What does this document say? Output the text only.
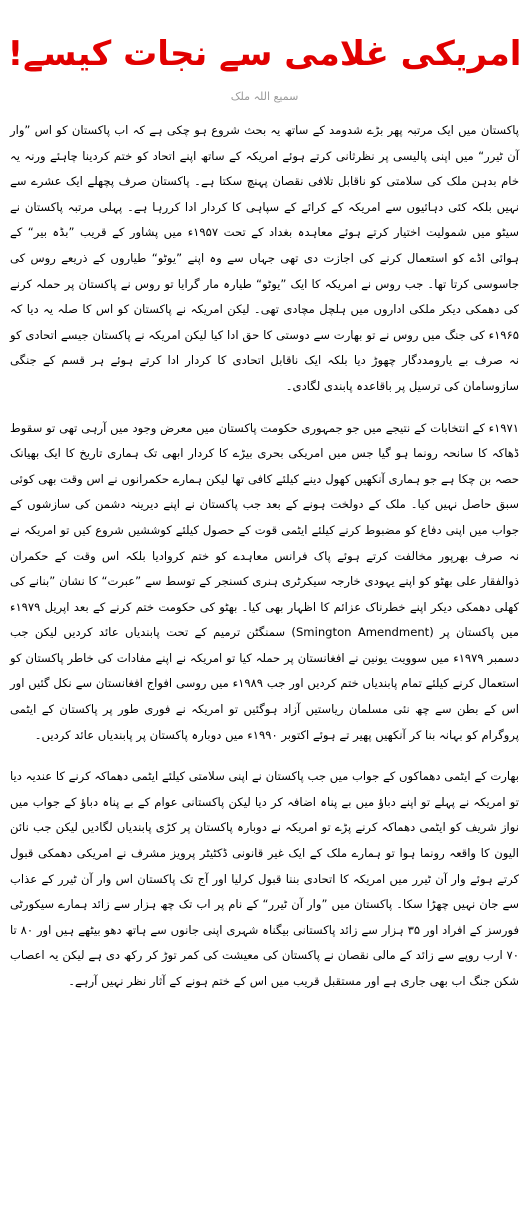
امریکی غلامی سے نجات کیسے!
سمیع اللہ ملک

پاکستان میں ایک مرتبہ پھر بڑے شدومد کے ساتھ یہ بحث شروع ہو چکی ہے کہ اب پاکستان کو اس ”وار آن ٹیرر“ میں اپنی پالیسی پر نظرثانی کرتے ہوئے امریکہ کے ساتھ اپنے اتحاد کو ختم کردینا چاہئے ورنہ یہ خام بدہن ملک کی سلامتی کو ناقابل تلافی نقصان پہنچ سکتا ہے۔ پاکستان صرف پچھلے ایک عشرے سے نہیں بلکہ کئی دہائیوں سے امریکہ کے کرائے کے سپاہی کا کردار ادا کررہا ہے۔ پہلی مرتبہ پاکستان نے سیٹو میں شمولیت اختیار کرتے ہوئے معاہدہ بغداد کے تحت ۱۹۵۷ء میں پشاور کے قریب ”بڈہ بیر“ کے ہوائی اڈے کو استعمال کرنے کی اجازت دی تھی جہاں سے وہ اپنے ”یوٹو“ طیاروں کے ذریعے روس کی جاسوسی کرتا تھا۔ جب روس نے امریکہ کا ایک ”یوٹو“ طیارہ مار گرایا تو روس نے پاکستان پر حملہ کرنے کی دھمکی دیکر ملکی اداروں میں ہلچل مچادی تھی۔ لیکن امریکہ نے پاکستان کو اس کا صلہ یہ دیا کہ ۱۹۶۵ء کی جنگ میں روس نے تو بھارت سے دوستی کا حق ادا کیا لیکن امریکہ نے پاکستان جیسے اتحادی کو نہ صرف بے یارومددگار چھوڑ دیا بلکہ ایک ناقابل اتحادی کا کردار ادا کرتے ہوئے ہر قسم کے جنگی سازوسامان کی ترسیل پر باقاعدہ پابندی لگادی۔

۱۹۷۱ء کے انتخابات کے نتیجے میں جو جمہوری حکومت پاکستان میں معرض وجود میں آرہی تھی تو سقوط ڈھاکہ کا سانحہ رونما ہو گیا جس میں امریکی بحری بیڑے کا کردار ابھی تک ہماری تاریخ کا ایک بھیانک حصہ بن چکا ہے جو ہماری آنکھیں کھول دینے کیلئے کافی تھا لیکن ہمارے حکمرانوں نے اس وقت بھی کوئی سبق حاصل نہیں کیا۔ ملک کے دولخت ہونے کے بعد جب پاکستان نے اپنے دیرینہ دشمن کی سازشوں کے جواب میں اپنی دفاع کو مضبوط کرنے کیلئے ایٹمی قوت کے حصول کیلئے کوششیں شروع کیں تو امریکہ نے نہ صرف بھرپور مخالفت کرتے ہوئے پاک فرانس معاہدے کو ختم کروادیا بلکہ اس وقت کے حکمران ذوالفقار علی بھٹو کو اپنے یہودی خارجہ سیکرٹری ہنری کسنجر کے توسط سے ”عبرت“ کا نشان ”بنانے کی کھلی دھمکی دیکر اپنے خطرناک عزائم کا اظہار بھی کیا۔ بھٹو کی حکومت ختم کرنے کے بعد اپریل ۱۹۷۹ء میں پاکستان پر (Smington Amendment) سمنگٹن ترمیم کے تحت پابندیاں عائد کردیں لیکن جب دسمبر ۱۹۷۹ء میں سوویت یونین نے افغانستان پر حملہ کیا تو امریکہ نے اپنے مفادات کی خاطر پاکستان کو استعمال کرنے کیلئے تمام پابندیاں ختم کردیں اور جب ۱۹۸۹ء میں روسی افواج افغانستان سے نکل گئیں اور اس کے بطن سے چھ نئی مسلمان ریاستیں آزاد ہوگئیں تو امریکہ نے فوری طور پر پاکستان کے ایٹمی پروگرام کو بہانہ بنا کر آنکھیں پھیر تے ہوئے اکتوبر ۱۹۹۰ء میں دوبارہ پاکستان پر پابندیاں عائد کردیں۔

بھارت کے ایٹمی دھماکوں کے جواب میں جب پاکستان نے اپنی سلامتی کیلئے ایٹمی دھماکہ کرنے کا عندیہ دیا تو امریکہ نے پہلے تو اپنے دباؤ میں بے پناہ اضافہ کر دیا لیکن پاکستانی عوام کے بے پناہ دباؤ کے جواب میں نواز شریف کو ایٹمی دھماکہ کرنے پڑے تو امریکہ نے دوبارہ پاکستان پر کڑی پابندیاں لگادیں لیکن جب نائن الیون کا واقعہ رونما ہوا تو ہمارے ملک کے ایک غیر قانونی ڈکٹیٹر پرویز مشرف نے امریکی دھمکی قبول کرتے ہوئے وار آن ٹیرر میں امریکہ کا اتحادی بننا قبول کرلیا اور آج تک پاکستان اس وار آن ٹیرر کے عذاب سے جان نہیں چھڑا سکا۔ پاکستان میں ”وار آن ٹیرر“ کے نام پر اب تک چھ ہزار سے زائد ہمارے سیکورٹی فورسز کے افراد اور ۳۵ ہزار سے زائد پاکستانی بیگناہ شہری اپنی جانوں سے ہاتھ دھو بیٹھے ہیں اور ۸۰ تا ۷۰ ارب روپے سے زائد کے مالی نقصان نے پاکستان کی معیشت کی کمر توڑ کر رکھ دی ہے لیکن یہ اعصاب شکن جنگ اب بھی جاری ہے اور مستقبل قریب میں اس کے ختم ہونے کے آثار نظر نہیں آرہے۔
